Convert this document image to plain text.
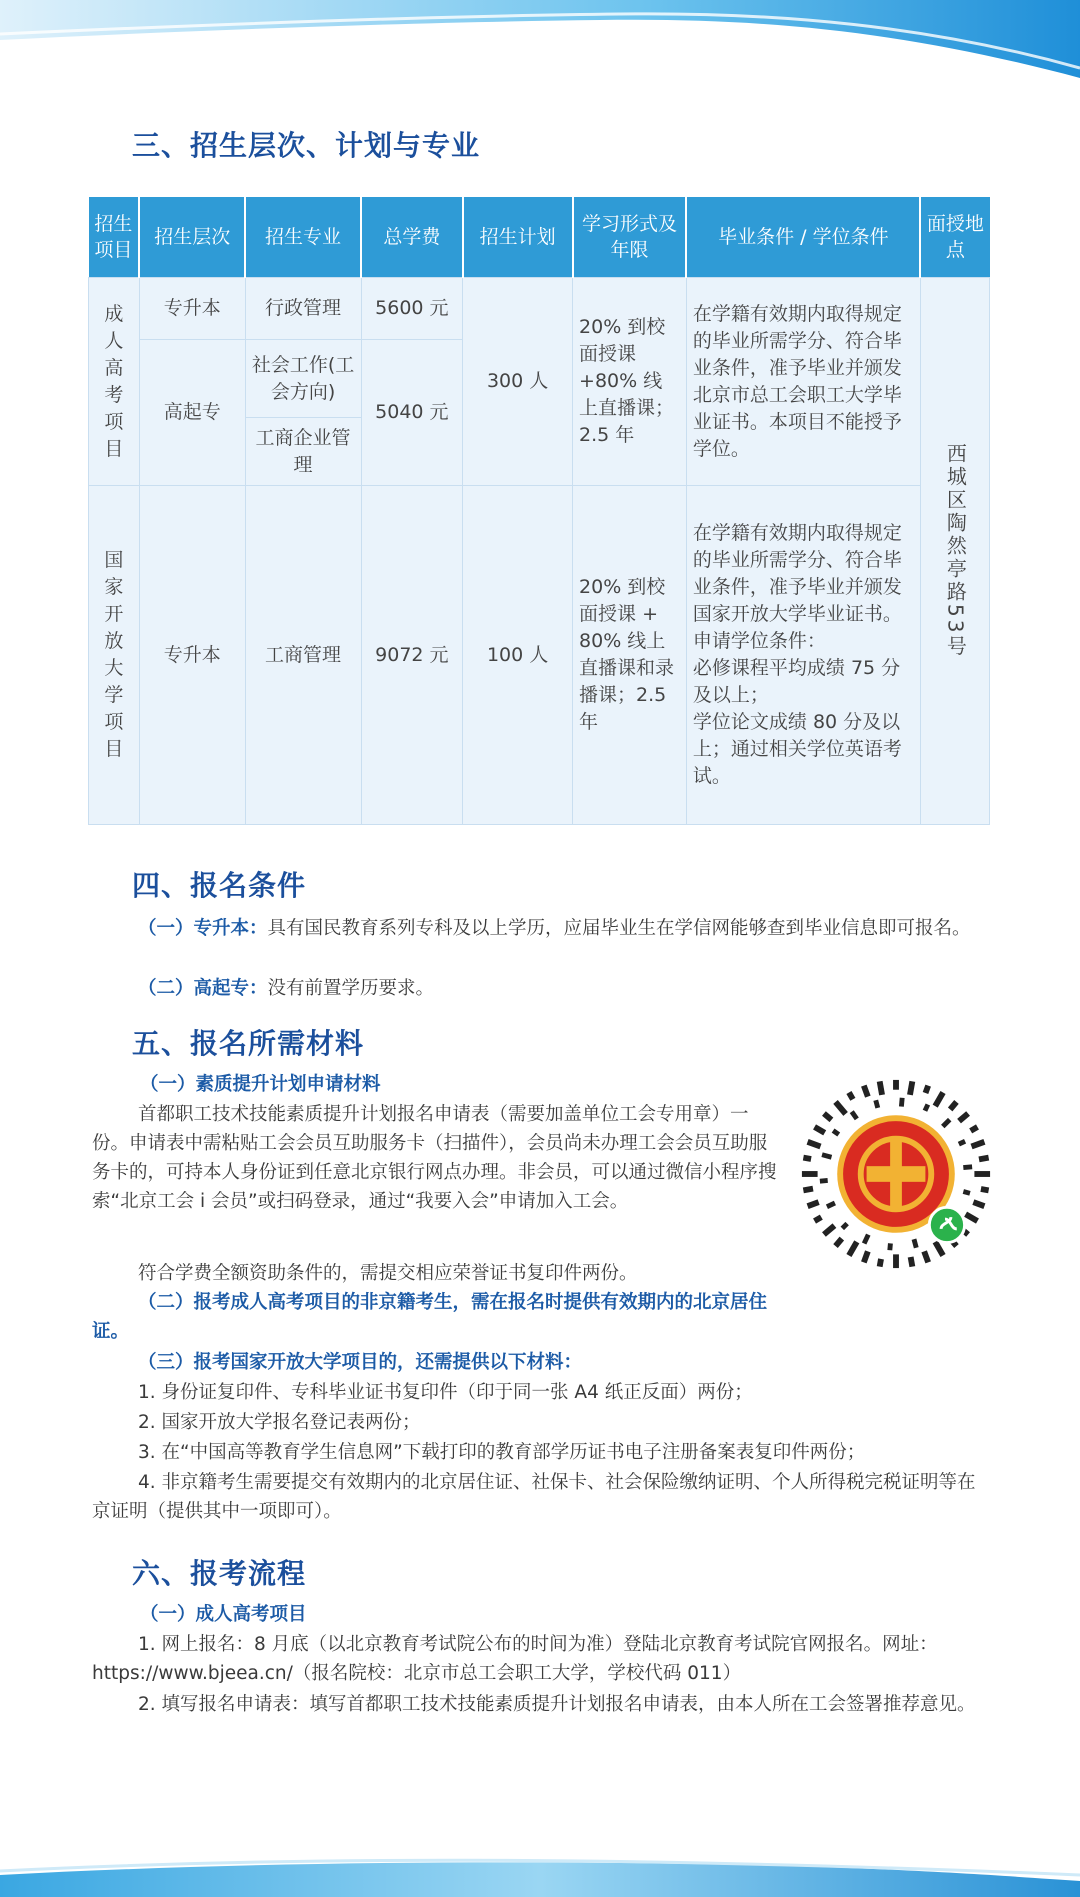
三、招生层次、计划与专业
招生项目	招生层次	招生专业	总学费	招生计划	学习形式及年限	毕业条件 / 学位条件	面授地点
成人高考项目	专升本	行政管理	5600 元	300 人	20% 到校面授课 +80% 线上直播课；2.5 年	在学籍有效期内取得规定的毕业所需学分、符合毕业条件，准予毕业并颁发北京市总工会职工大学毕业证书。本项目不能授予学位。	西城区陶然亭路53号

	高起专	社会工作(工会方向)	5040 元				
		工商企业管理					
国家开放大学项目	专升本	工商管理	9072 元	100 人	20% 到校面授课 + 80% 线上直播课和录播课；2.5 年	在学籍有效期内取得规定的毕业所需学分、符合毕业条件，准予毕业并颁发国家开放大学毕业证书。
申请学位条件：
必修课程平均成绩 75 分及以上；
学位论文成绩 80 分及以上；通过相关学位英语考试。	
四、报名条件

（一）专升本：具有国民教育系列专科及以上学历，应届毕业生在学信网能够查到毕业信息即可报名。

（二）高起专：没有前置学历要求。

五、报名所需材料

（一）素质提升计划申请材料

首都职工技术技能素质提升计划报名申请表（需要加盖单位工会专用章）一份。申请表中需粘贴工会会员互助服务卡（扫描件），会员尚未办理工会会员互助服务卡的，可持本人身份证到任意北京银行网点办理。非会员，可以通过微信小程序搜索“北京工会 i 会员”或扫码登录，通过“我要入会”申请加入工会。

符合学费全额资助条件的，需提交相应荣誉证书复印件两份。

（二）报考成人高考项目的非京籍考生，需在报名时提供有效期内的北京居住证。

（三）报考国家开放大学项目的，还需提供以下材料：

1. 身份证复印件、专科毕业证书复印件（印于同一张 A4 纸正反面）两份；

2. 国家开放大学报名登记表两份；

3. 在“中国高等教育学生信息网”下载打印的教育部学历证书电子注册备案表复印件两份；

4. 非京籍考生需要提交有效期内的北京居住证、社保卡、社会保险缴纳证明、个人所得税完税证明等在京证明（提供其中一项即可）。

六、报考流程

（一）成人高考项目

1. 网上报名：8 月底（以北京教育考试院公布的时间为准）登陆北京教育考试院官网报名。网址：https://www.bjeea.cn/（报名院校：北京市总工会职工大学，学校代码 011）

2. 填写报名申请表：填写首都职工技术技能素质提升计划报名申请表，由本人所在工会签署推荐意见。
